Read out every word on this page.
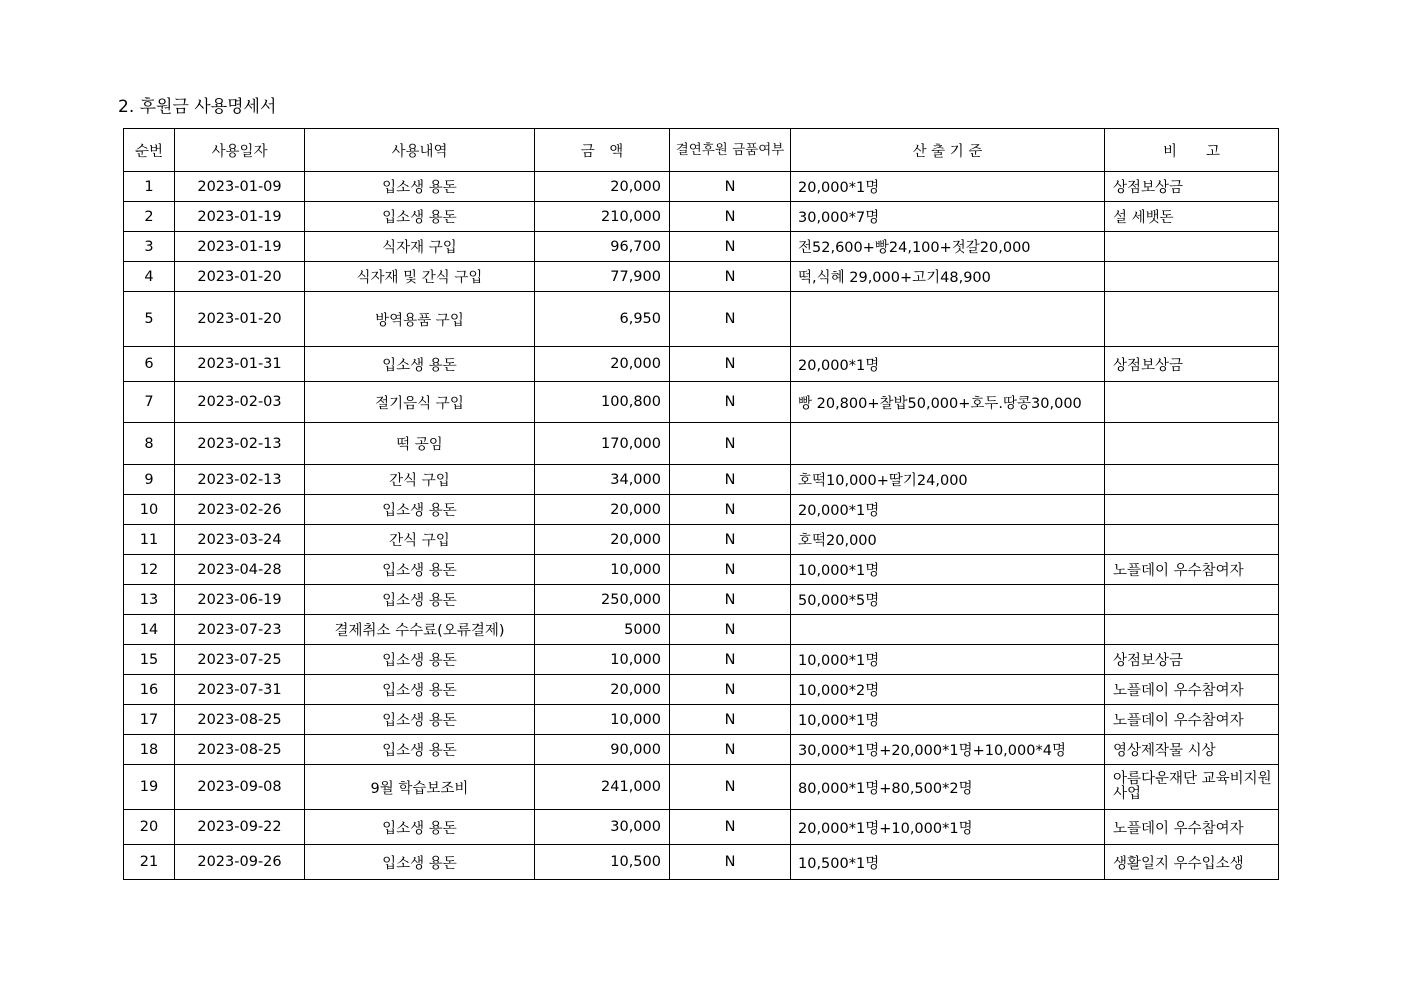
2. 후원금 사용명세서
순번	사용일자	사용내역	금　액	결연후원 금품여부	산 출 기 준	비　　고
1	2023-01-09	입소생 용돈	20,000	N	20,000*1명	상점보상금
2	2023-01-19	입소생 용돈	210,000	N	30,000*7명	설 세뱃돈
3	2023-01-19	식자재 구입	96,700	N	전52,600+빵24,100+젓갈20,000	
4	2023-01-20	식자재 및 간식 구입	77,900	N	떡,식혜 29,000+고기48,900	
5	2023-01-20	방역용품 구입	6,950	N		
6	2023-01-31	입소생 용돈	20,000	N	20,000*1명	상점보상금
7	2023-02-03	절기음식 구입	100,800	N	빵 20,800+찰밥50,000+호두.땅콩30,000	
8	2023-02-13	떡 공임	170,000	N		
9	2023-02-13	간식 구입	34,000	N	호떡10,000+딸기24,000	
10	2023-02-26	입소생 용돈	20,000	N	20,000*1명	
11	2023-03-24	간식 구입	20,000	N	호떡20,000	
12	2023-04-28	입소생 용돈	10,000	N	10,000*1명	노플데이 우수참여자
13	2023-06-19	입소생 용돈	250,000	N	50,000*5명	
14	2023-07-23	결제취소 수수료(오류결제)	5000	N		
15	2023-07-25	입소생 용돈	10,000	N	10,000*1명	상점보상금
16	2023-07-31	입소생 용돈	20,000	N	10,000*2명	노플데이 우수참여자
17	2023-08-25	입소생 용돈	10,000	N	10,000*1명	노플데이 우수참여자
18	2023-08-25	입소생 용돈	90,000	N	30,000*1명+20,000*1명+10,000*4명	영상제작물 시상
19	2023-09-08	9월 학습보조비	241,000	N	80,000*1명+80,500*2명	아름다운재단 교육비지원사업
20	2023-09-22	입소생 용돈	30,000	N	20,000*1명+10,000*1명	노플데이 우수참여자
21	2023-09-26	입소생 용돈	10,500	N	10,500*1명	생활일지 우수입소생
